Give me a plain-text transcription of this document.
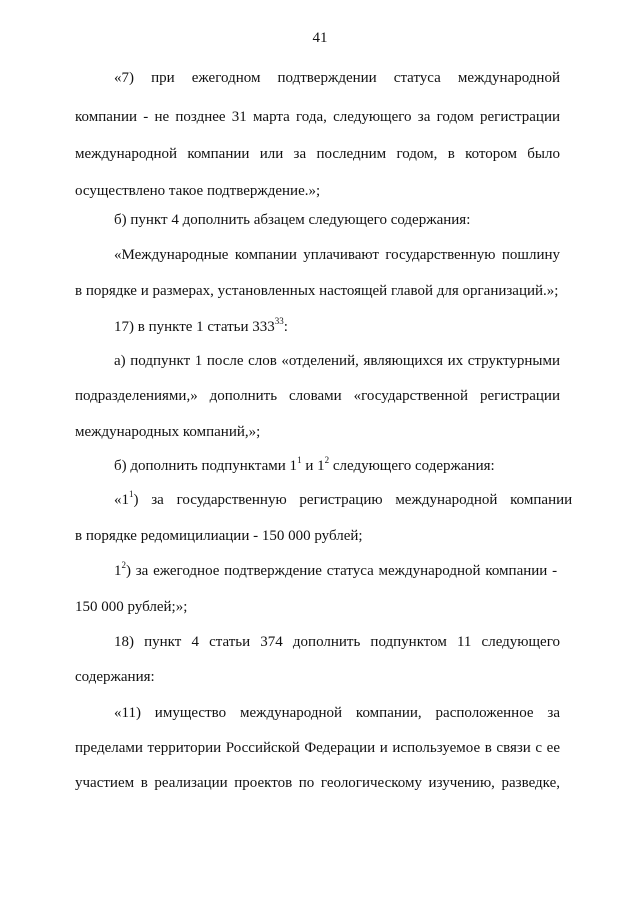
41
«7) при ежегодном подтверждении статуса международной
компании - не позднее 31 марта года, следующего за годом регистрации
международной компании или за последним годом, в котором было
осуществлено такое подтверждение.»;
б) пункт 4 дополнить абзацем следующего содержания:
«Международные компании уплачивают государственную пошлину
в порядке и размерах, установленных настоящей главой для организаций.»;
17) в пункте 1 статьи $333^{33}$:
а) подпункт 1 после слов «отделений, являющихся их структурными
подразделениями,» дополнить словами «государственной регистрации
международных компаний,»;
б) дополнить подпунктами $1^1$ и $1^2$ следующего содержания:
«$1^1$) за государственную регистрацию международной компании
в порядке редомицилиации - 150 000 рублей;
$1^2$) за ежегодное подтверждение статуса международной компании -
150 000 рублей;»;
18) пункт 4 статьи 374 дополнить подпунктом 11 следующего
содержания:
«11) имущество международной компании, расположенное за
пределами территории Российской Федерации и используемое в связи с ее
участием в реализации проектов по геологическому изучению, разведке,
